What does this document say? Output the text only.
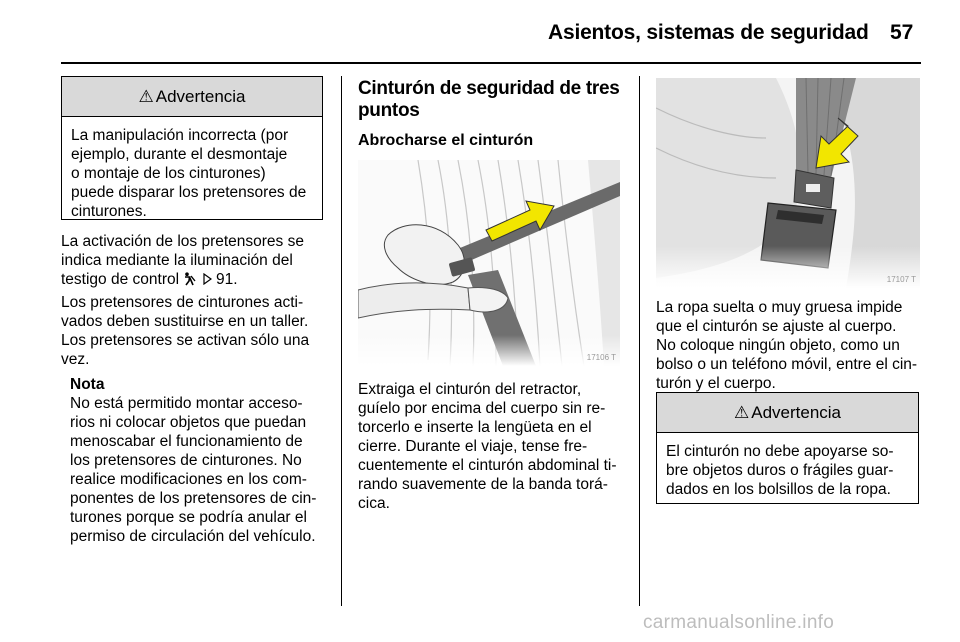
Asientos, sistemas de seguridad 57
⚠ Advertencia
La manipulación incorrecta (por
ejemplo, durante el desmontaje
o montaje de los cinturones)
puede disparar los pretensores de
cinturones.
La activación de los pretensores se
indica mediante la iluminación del
testigo de control   91.
Los pretensores de cinturones acti-
vados deben sustituirse en un taller.
Los pretensores se activan sólo una
vez.
Nota
No está permitido montar acceso-
rios ni colocar objetos que puedan
menoscabar el funcionamiento de
los pretensores de cinturones. No
realice modificaciones en los com-
ponentes de los pretensores de cin-
turones porque se podría anular el
permiso de circulación del vehículo.
Cinturón de seguridad de tres
puntos
Abrocharse el cinturón
17106 T
Extraiga el cinturón del retractor,
guíelo por encima del cuerpo sin re-
torcerlo e inserte la lengüeta en el
cierre. Durante el viaje, tense fre-
cuentemente el cinturón abdominal ti-
rando suavemente de la banda torá-
cica.
17107 T
La ropa suelta o muy gruesa impide
que el cinturón se ajuste al cuerpo.
No coloque ningún objeto, como un
bolso o un teléfono móvil, entre el cin-
turón y el cuerpo.
⚠ Advertencia
El cinturón no debe apoyarse so-
bre objetos duros o frágiles guar-
dados en los bolsillos de la ropa.
carmanualsonline.info
